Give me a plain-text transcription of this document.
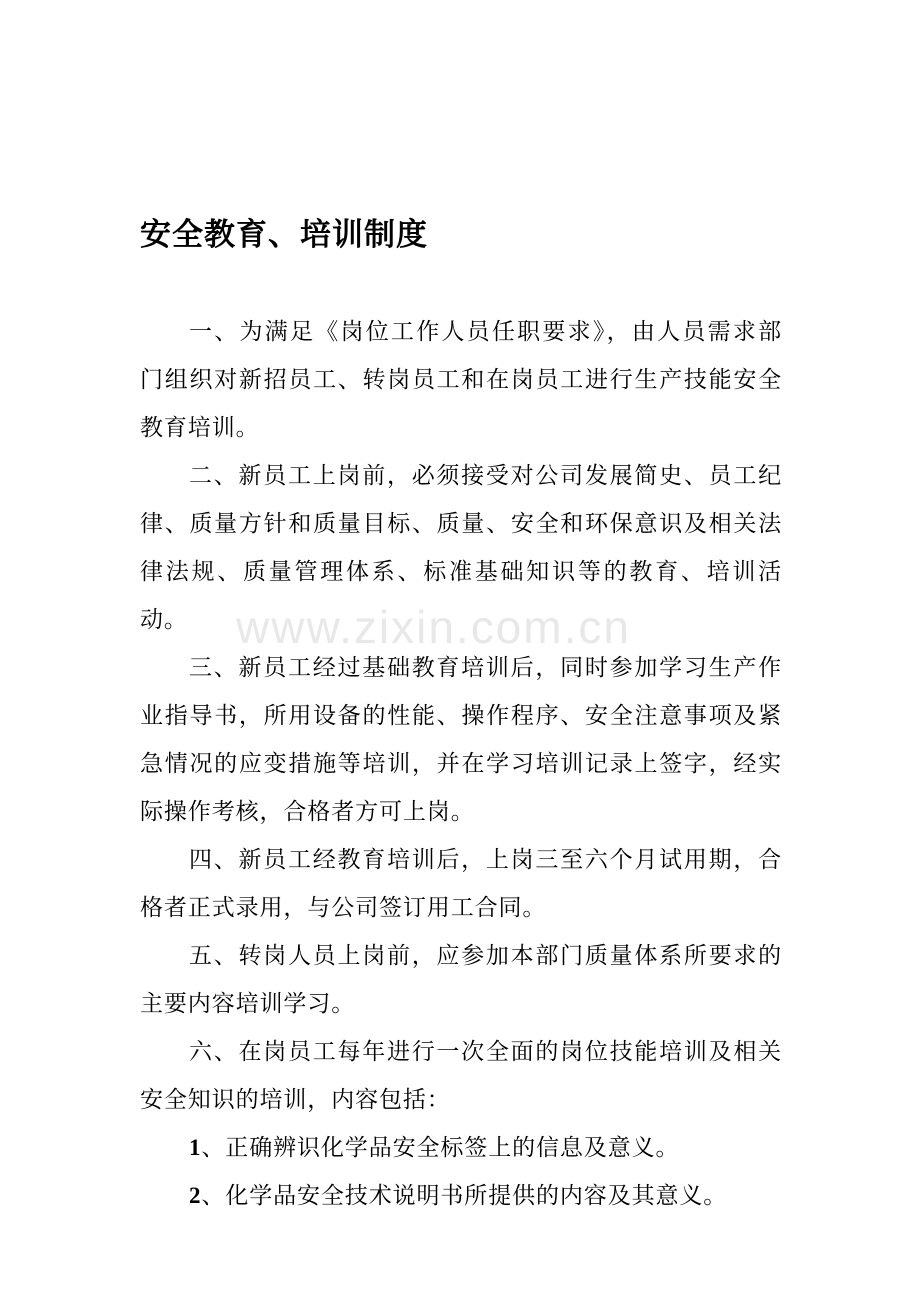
安全教育、培训制度
www.zixin.com.cn

一、为满足《岗位工作人员任职要求》，由人员需求部
门组织对新招员工、转岗员工和在岗员工进行生产技能安全
教育培训。

二、新员工上岗前，必须接受对公司发展简史、员工纪
律、质量方针和质量目标、质量、安全和环保意识及相关法
律法规、质量管理体系、标准基础知识等的教育、培训活动。

三、新员工经过基础教育培训后，同时参加学习生产作
业指导书，所用设备的性能、操作程序、安全注意事项及紧
急情况的应变措施等培训，并在学习培训记录上签字，经实
际操作考核，合格者方可上岗。

四、新员工经教育培训后，上岗三至六个月试用期，合
格者正式录用，与公司签订用工合同。

五、转岗人员上岗前，应参加本部门质量体系所要求的
主要内容培训学习。

六、在岗员工每年进行一次全面的岗位技能培训及相关
安全知识的培训，内容包括：

1、正确辨识化学品安全标签上的信息及意义。

2、化学品安全技术说明书所提供的内容及其意义。
